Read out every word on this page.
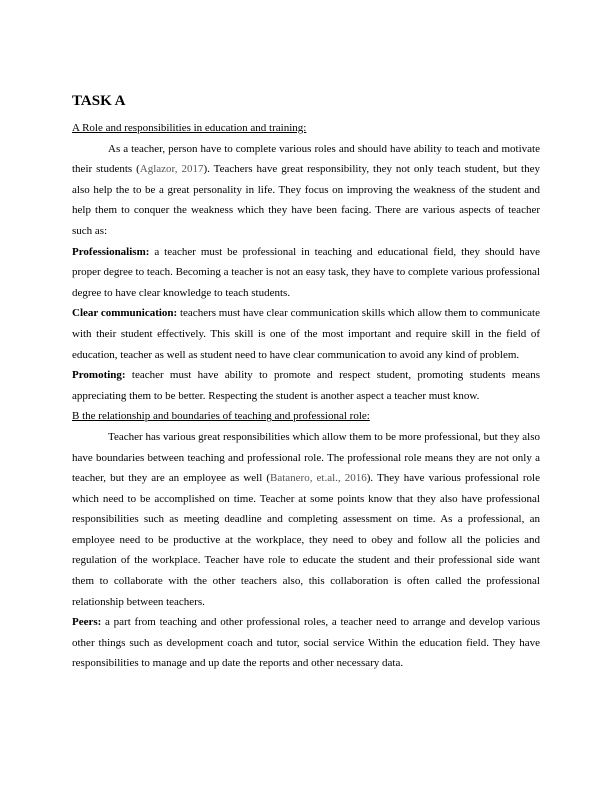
TASK A

A Role and responsibilities in education and training:

As a teacher, person have to complete various roles and should have ability to teach and motivate their students (Aglazor, 2017). Teachers have great responsibility, they not only teach student, but they also help the to be a great personality in life. They focus on improving the weakness of the student and help them to conquer the weakness which they have been facing. There are various aspects of teacher such as:

Professionalism: a teacher must be professional in teaching and educational field, they should have proper degree to teach. Becoming a teacher is not an easy task, they have to complete various professional degree to have clear knowledge to teach students.

Clear communication: teachers must have clear communication skills which allow them to communicate with their student effectively. This skill is one of the most important and require skill in the field of education, teacher as well as student need to have clear communication to avoid any kind of problem.

Promoting: teacher must have ability to promote and respect student, promoting students means appreciating them to be better. Respecting the student is another aspect a teacher must know.

B the relationship and boundaries of teaching and professional role:

Teacher has various great responsibilities which allow them to be more professional, but they also have boundaries between teaching and professional role. The professional role means they are not only a teacher, but they are an employee as well (Batanero, et.al., 2016). They have various professional role which need to be accomplished on time. Teacher at some points know that they also have professional responsibilities such as meeting deadline and completing assessment on time. As a professional, an employee need to be productive at the workplace, they need to obey and follow all the policies and regulation of the workplace. Teacher have role to educate the student and their professional side want them to collaborate with the other teachers also, this collaboration is often called the professional relationship between teachers.

Peers: a part from teaching and other professional roles, a teacher need to arrange and develop various other things such as development coach and tutor, social service Within the education field. They have responsibilities to manage and up date the reports and other necessary data.
